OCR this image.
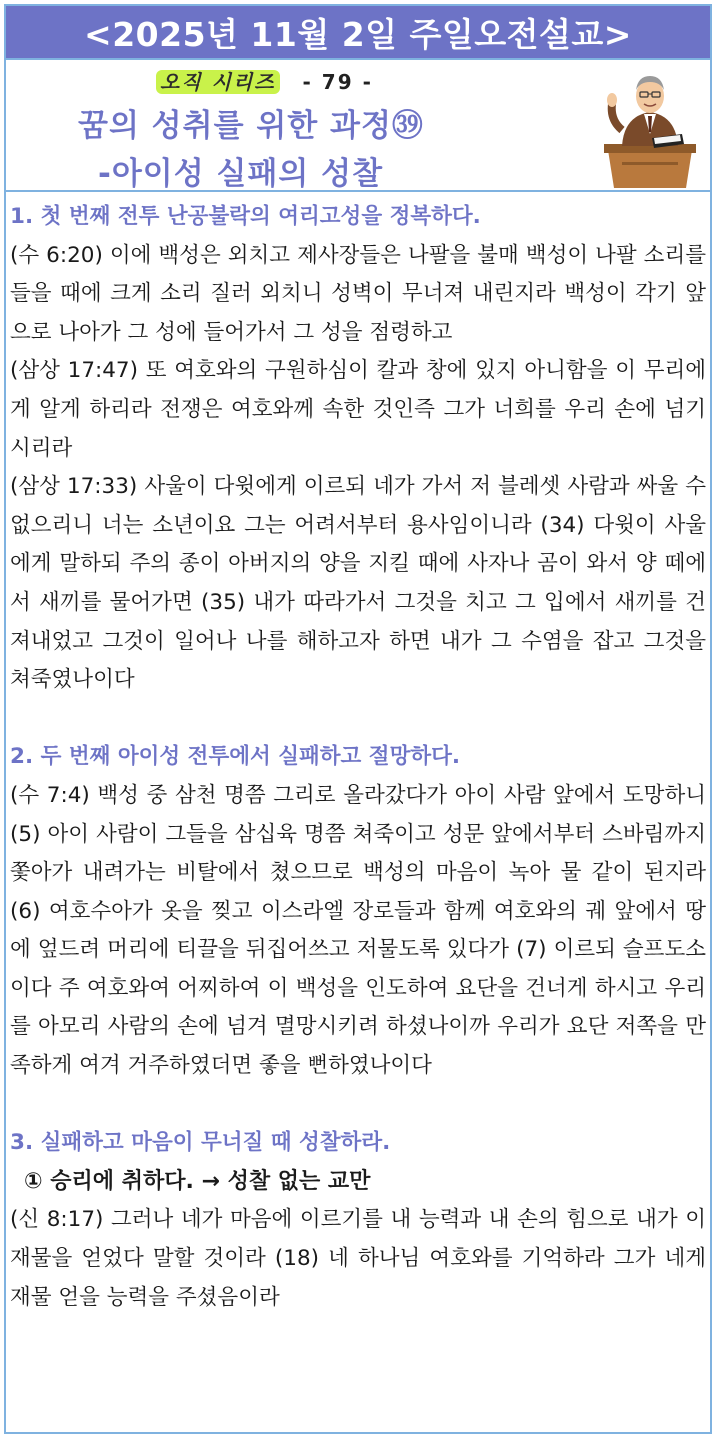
<2025년 11월 2일 주일오전설교>
오직 시리즈 - 79 -
꿈의 성취를 위한 과정㊴
-아이성 실패의 성찰

1. 첫 번째 전투 난공불락의 여리고성을 정복하다.

(수 6:20) 이에 백성은 외치고 제사장들은 나팔을 불매 백성이 나팔 소리를 들을 때에 크게 소리 질러 외치니 성벽이 무너져 내린지라 백성이 각기 앞으로 나아가 그 성에 들어가서 그 성을 점령하고

(삼상 17:47) 또 여호와의 구원하심이 칼과 창에 있지 아니함을 이 무리에게 알게 하리라 전쟁은 여호와께 속한 것인즉 그가 너희를 우리 손에 넘기시리라

(삼상 17:33) 사울이 다윗에게 이르되 네가 가서 저 블레셋 사람과 싸울 수 없으리니 너는 소년이요 그는 어려서부터 용사임이니라 (34) 다윗이 사울에게 말하되 주의 종이 아버지의 양을 지킬 때에 사자나 곰이 와서 양 떼에서 새끼를 물어가면 (35) 내가 따라가서 그것을 치고 그 입에서 새끼를 건져내었고 그것이 일어나 나를 해하고자 하면 내가 그 수염을 잡고 그것을 쳐죽였나이다

2. 두 번째 아이성 전투에서 실패하고 절망하다.

(수 7:4) 백성 중 삼천 명쯤 그리로 올라갔다가 아이 사람 앞에서 도망하니 (5) 아이 사람이 그들을 삼십육 명쯤 쳐죽이고 성문 앞에서부터 스바림까지 쫓아가 내려가는 비탈에서 쳤으므로 백성의 마음이 녹아 물 같이 된지라 (6) 여호수아가 옷을 찢고 이스라엘 장로들과 함께 여호와의 궤 앞에서 땅에 엎드려 머리에 티끌을 뒤집어쓰고 저물도록 있다가 (7) 이르되 슬프도소이다 주 여호와여 어찌하여 이 백성을 인도하여 요단을 건너게 하시고 우리를 아모리 사람의 손에 넘겨 멸망시키려 하셨나이까 우리가 요단 저쪽을 만족하게 여겨 거주하였더면 좋을 뻔하였나이다

3. 실패하고 마음이 무너질 때 성찰하라.

① 승리에 취하다. → 성찰 없는 교만

(신 8:17) 그러나 네가 마음에 이르기를 내 능력과 내 손의 힘으로 내가 이 재물을 얻었다 말할 것이라 (18) 네 하나님 여호와를 기억하라 그가 네게 재물 얻을 능력을 주셨음이라
